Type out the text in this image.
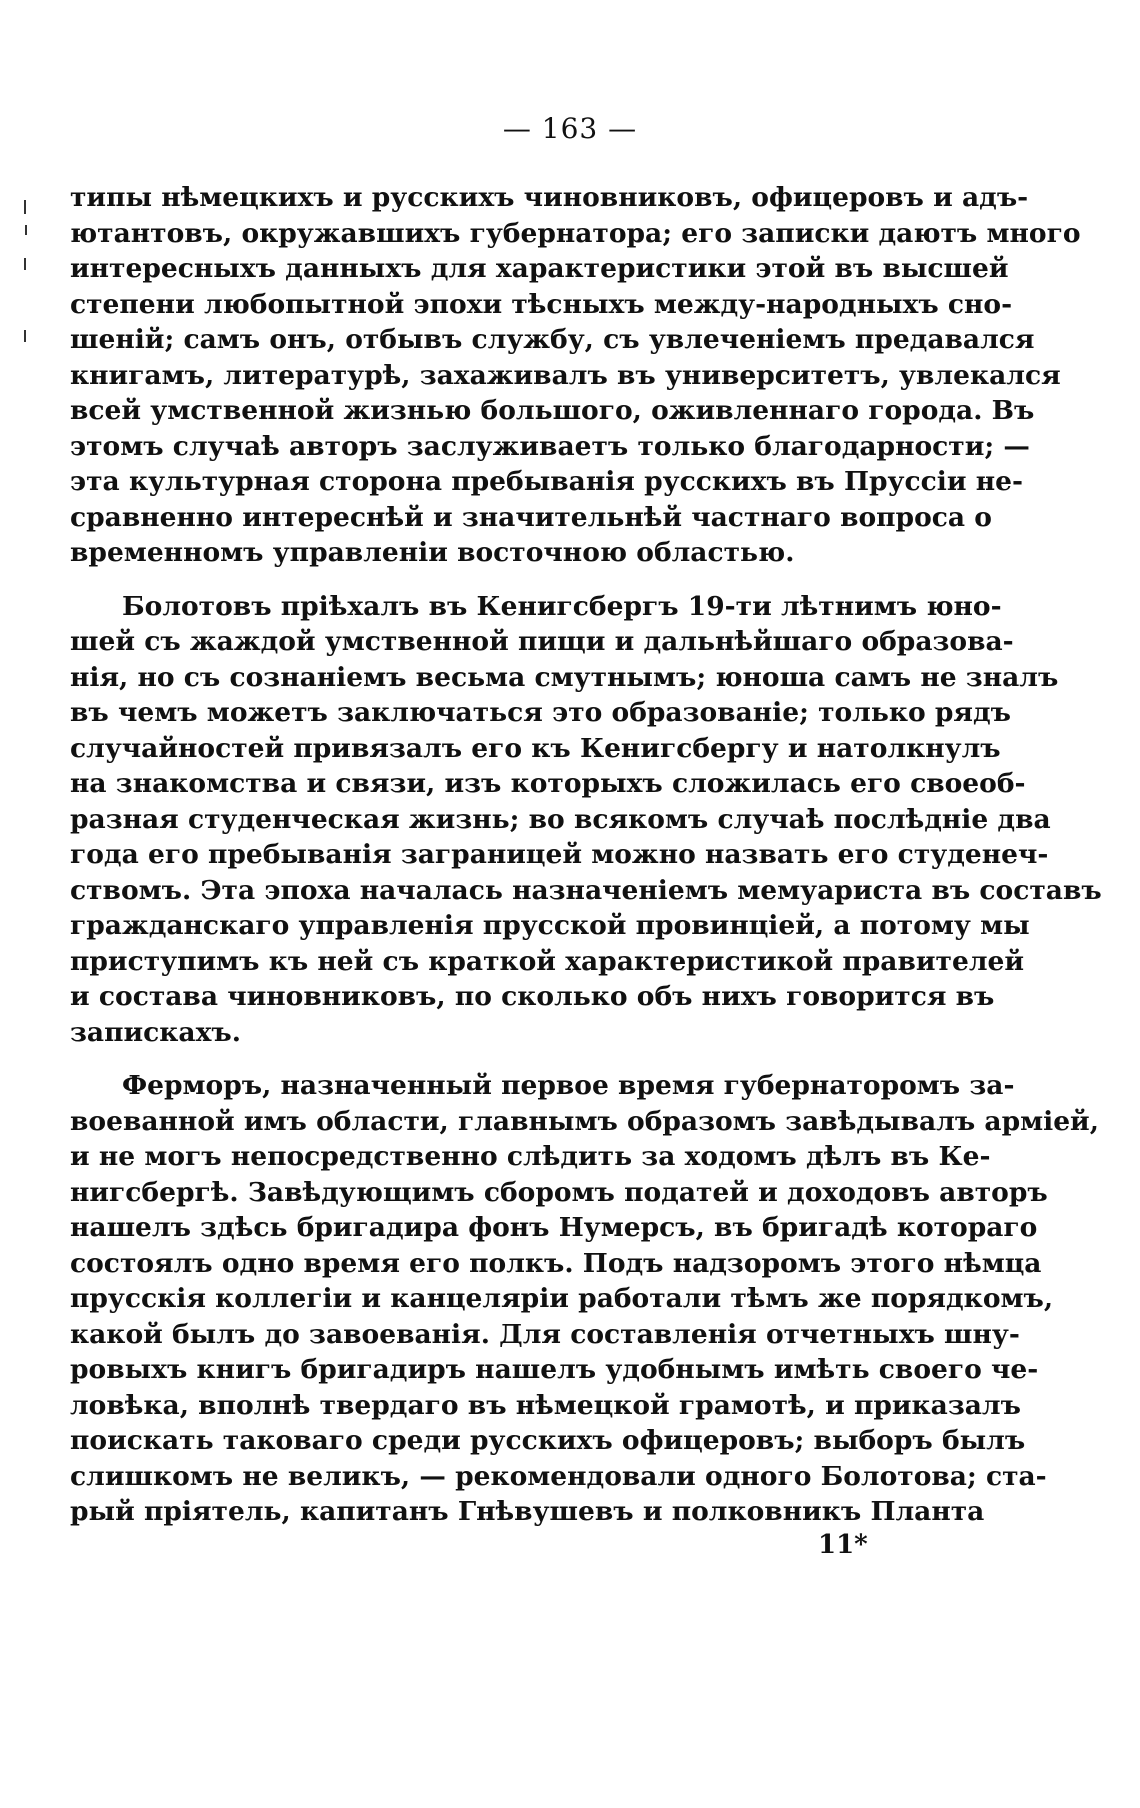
— 163 —
типы нѣмецкихъ и русскихъ чиновниковъ, офицеровъ и адъ-
ютантовъ, окружавшихъ губернатора; его записки даютъ много
интересныхъ данныхъ для характеристики этой въ высшей
степени любопытной эпохи тѣсныхъ между-народныхъ сно-
шеній; самъ онъ, отбывъ службу, съ увлеченіемъ предавался
книгамъ, литературѣ, захаживалъ въ университетъ, увлекался
всей умственной жизнью большого, оживленнаго города. Въ
этомъ случаѣ авторъ заслуживаетъ только благодарности; —
эта культурная сторона пребыванія русскихъ въ Пруссіи не-
сравненно интереснѣй и значительнѣй частнаго вопроса о
временномъ управленіи восточною областью.
Болотовъ пріѣхалъ въ Кенигсбергъ 19-ти лѣтнимъ юно-
шей съ жаждой умственной пищи и дальнѣйшаго образова-
нія, но съ сознаніемъ весьма смутнымъ; юноша самъ не зналъ
въ чемъ можетъ заключаться это образованіе; только рядъ
случайностей привязалъ его къ Кенигсбергу и натолкнулъ
на знакомства и связи, изъ которыхъ сложилась его своеоб-
разная студенческая жизнь; во всякомъ случаѣ послѣдніе два
года его пребыванія заграницей можно назвать его студенеч-
ствомъ. Эта эпоха началась назначеніемъ мемуариста въ составъ
гражданскаго управленія прусской провинціей, а потому мы
приступимъ къ ней съ краткой характеристикой правителей
и состава чиновниковъ, по сколько объ нихъ говорится въ
запискахъ.
Ферморъ, назначенный первое время губернаторомъ за-
воеванной имъ области, главнымъ образомъ завѣдывалъ арміей,
и не могъ непосредственно слѣдить за ходомъ дѣлъ въ Ке-
нигсбергѣ. Завѣдующимъ сборомъ податей и доходовъ авторъ
нашелъ здѣсь бригадира фонъ Нумерсъ, въ бригадѣ котораго
состоялъ одно время его полкъ. Подъ надзоромъ этого нѣмца
прусскія коллегіи и канцеляріи работали тѣмъ же порядкомъ,
какой былъ до завоеванія. Для составленія отчетныхъ шну-
ровыхъ книгъ бригадиръ нашелъ удобнымъ имѣть своего че-
ловѣка, вполнѣ твердаго въ нѣмецкой грамотѣ, и приказалъ
поискать таковаго среди русскихъ офицеровъ; выборъ былъ
слишкомъ не великъ, — рекомендовали одного Болотова; ста-
рый пріятель, капитанъ Гнѣвушевъ и полковникъ Планта
11*
